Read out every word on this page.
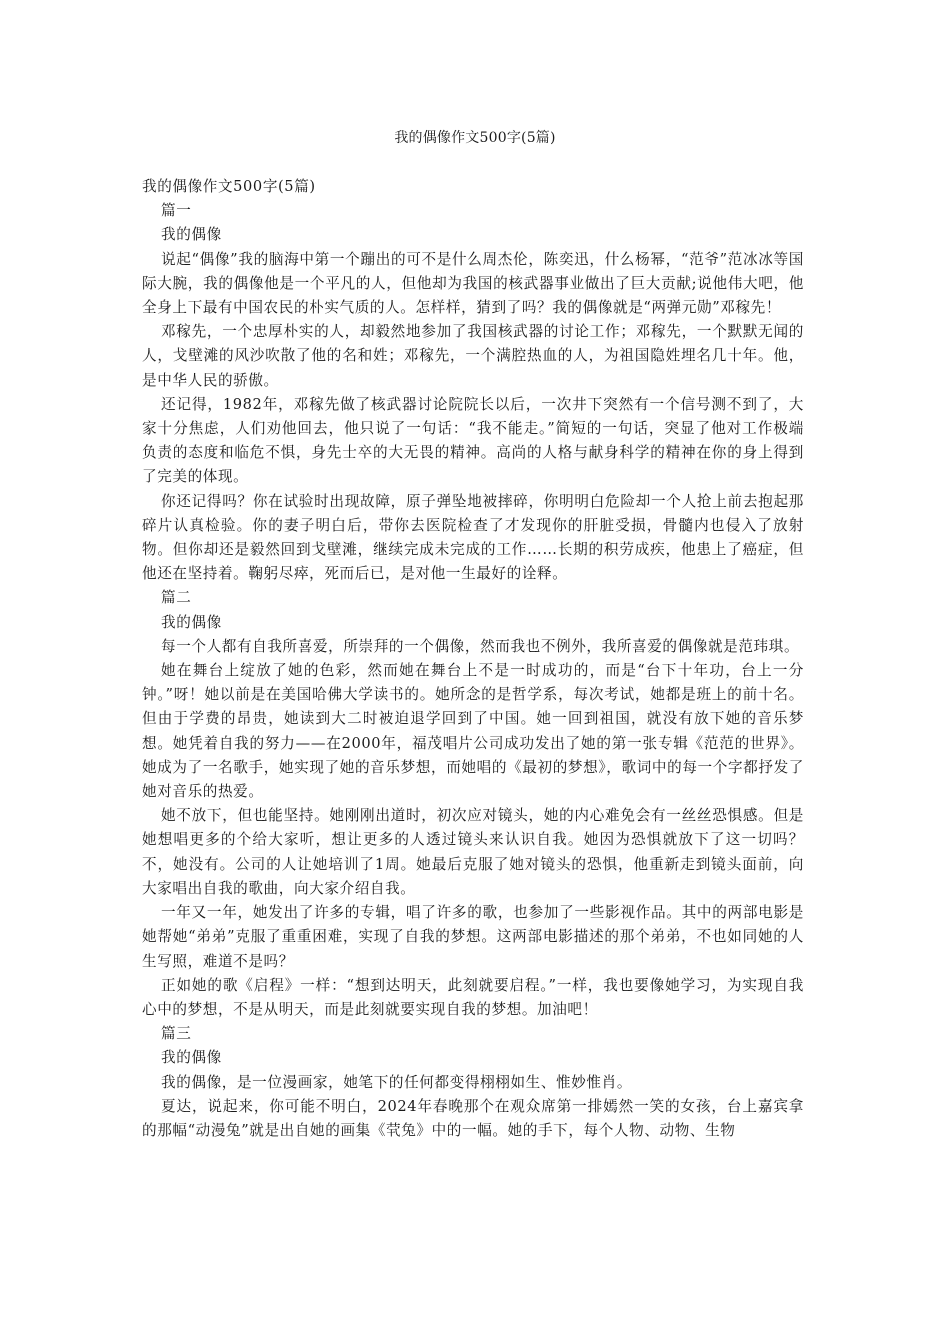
我的偶像作文500字(5篇)

我的偶像作文500字(5篇)

篇一

我的偶像

说起“偶像”我的脑海中第一个蹦出的可不是什么周杰伦，陈奕迅，什么杨幂，“范爷”范冰冰等国际大腕，我的偶像他是一个平凡的人，但他却为我国的核武器事业做出了巨大贡献;说他伟大吧，他全身上下最有中国农民的朴实气质的人。怎样样，猜到了吗？我的偶像就是“两弹元勋”邓稼先！

邓稼先，一个忠厚朴实的人，却毅然地参加了我国核武器的讨论工作；邓稼先，一个默默无闻的人，戈壁滩的风沙吹散了他的名和姓；邓稼先，一个满腔热血的人，为祖国隐姓埋名几十年。他，是中华人民的骄傲。

还记得，1982年，邓稼先做了核武器讨论院院长以后，一次井下突然有一个信号测不到了，大家十分焦虑，人们劝他回去，他只说了一句话：“我不能走。”简短的一句话，突显了他对工作极端负责的态度和临危不惧，身先士卒的大无畏的精神。高尚的人格与献身科学的精神在你的身上得到了完美的体现。

你还记得吗？你在试验时出现故障，原子弹坠地被摔碎，你明明白危险却一个人抢上前去抱起那碎片认真检验。你的妻子明白后，带你去医院检查了才发现你的肝脏受损，骨髓内也侵入了放射物。但你却还是毅然回到戈壁滩，继续完成未完成的工作……长期的积劳成疾，他患上了癌症，但他还在坚持着。鞠躬尽瘁，死而后已，是对他一生最好的诠释。

篇二

我的偶像

每一个人都有自我所喜爱，所崇拜的一个偶像，然而我也不例外，我所喜爱的偶像就是范玮琪。

她在舞台上绽放了她的色彩，然而她在舞台上不是一时成功的，而是“台下十年功，台上一分钟。”呀！她以前是在美国哈佛大学读书的。她所念的是哲学系，每次考试，她都是班上的前十名。但由于学费的昂贵，她读到大二时被迫退学回到了中国。她一回到祖国，就没有放下她的音乐梦想。她凭着自我的努力——在2000年，福茂唱片公司成功发出了她的第一张专辑《范范的世界》。她成为了一名歌手，她实现了她的音乐梦想，而她唱的《最初的梦想》，歌词中的每一个字都抒发了她对音乐的热爱。

她不放下，但也能坚持。她刚刚出道时，初次应对镜头，她的内心难免会有一丝丝恐惧感。但是她想唱更多的个给大家听，想让更多的人透过镜头来认识自我。她因为恐惧就放下了这一切吗？不，她没有。公司的人让她培训了1周。她最后克服了她对镜头的恐惧，他重新走到镜头面前，向大家唱出自我的歌曲，向大家介绍自我。

一年又一年，她发出了许多的专辑，唱了许多的歌，也参加了一些影视作品。其中的两部电影是她帮她“弟弟”克服了重重困难，实现了自我的梦想。这两部电影描述的那个弟弟，不也如同她的人生写照，难道不是吗？

正如她的歌《启程》一样：“想到达明天，此刻就要启程。”一样，我也要像她学习，为实现自我心中的梦想，不是从明天，而是此刻就要实现自我的梦想。加油吧！

篇三

我的偶像

我的偶像，是一位漫画家，她笔下的任何都变得栩栩如生、惟妙惟肖。

夏达，说起来，你可能不明白，2024年春晚那个在观众席第一排嫣然一笑的女孩，台上嘉宾拿的那幅“动漫兔”就是出自她的画集《茕兔》中的一幅。她的手下，每个人物、动物、生物
